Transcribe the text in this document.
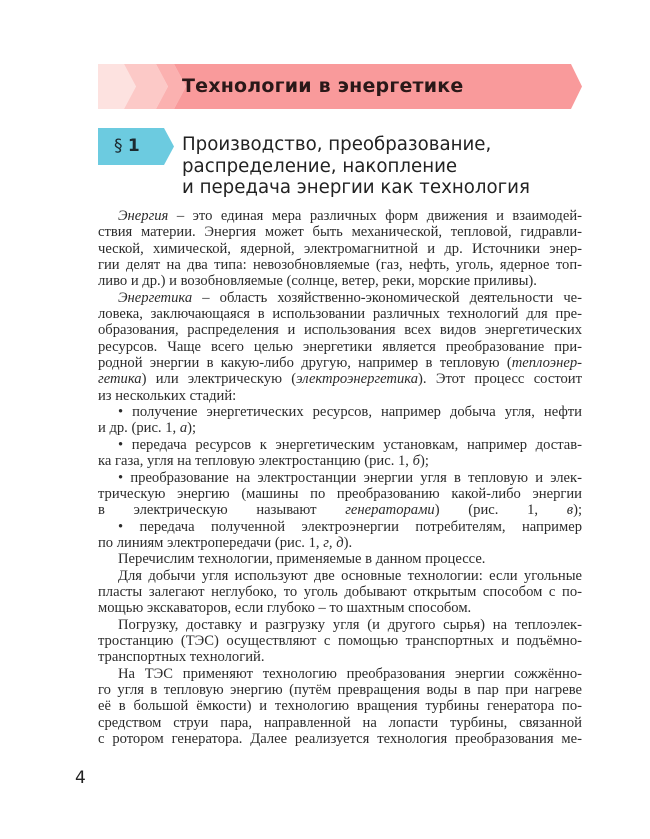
Технологии в энергетике
§ 1 Производство, преобразование,
распределение, накопление
и передача энергии как технология
Энергия – это единая мера различных форм движения и взаимодей-
ствия материи. Энергия может быть механической, тепловой, гидравли-
ческой, химической, ядерной, электромагнитной и др. Источники энер-
гии делят на два типа: невозобновляемые (газ, нефть, уголь, ядерное топ-
ливо и др.) и возобновляемые (солнце, ветер, реки, морские приливы).
Энергетика – область хозяйственно-экономической деятельности че-
ловека, заключающаяся в использовании различных технологий для пре-
образования, распределения и использования всех видов энергетических
ресурсов. Чаще всего целью энергетики является преобразование при-
родной энергии в какую-либо другую, например в тепловую (теплоэнер-
гетика) или электрическую (электроэнергетика). Этот процесс состоит
из нескольких стадий:
• получение энергетических ресурсов, например добыча угля, нефти
и др. (рис. 1, а);
• передача ресурсов к энергетическим установкам, например достав-
ка газа, угля на тепловую электростанцию (рис. 1, б);
• преобразование на электростанции энергии угля в тепловую и элек-
трическую энергию (машины по преобразованию какой-либо энергии
в электрическую называют генераторами) (рис. 1, в);
• передача полученной электроэнергии потребителям, например
по линиям электропередачи (рис. 1, г, д).
Перечислим технологии, применяемые в данном процессе.
Для добычи угля используют две основные технологии: если угольные
пласты залегают неглубоко, то уголь добывают открытым способом с по-
мощью экскаваторов, если глубоко – то шахтным способом.
Погрузку, доставку и разгрузку угля (и другого сырья) на теплоэлек-
тростанцию (ТЭС) осуществляют с помощью транспортных и подъёмно-
транспортных технологий.
На ТЭС применяют технологию преобразования энергии сожжённо-
го угля в тепловую энергию (путём превращения воды в пар при нагреве
её в большой ёмкости) и технологию вращения турбины генератора по-
средством струи пара, направленной на лопасти турбины, связанной
с ротором генератора. Далее реализуется технология преобразования ме-
4
